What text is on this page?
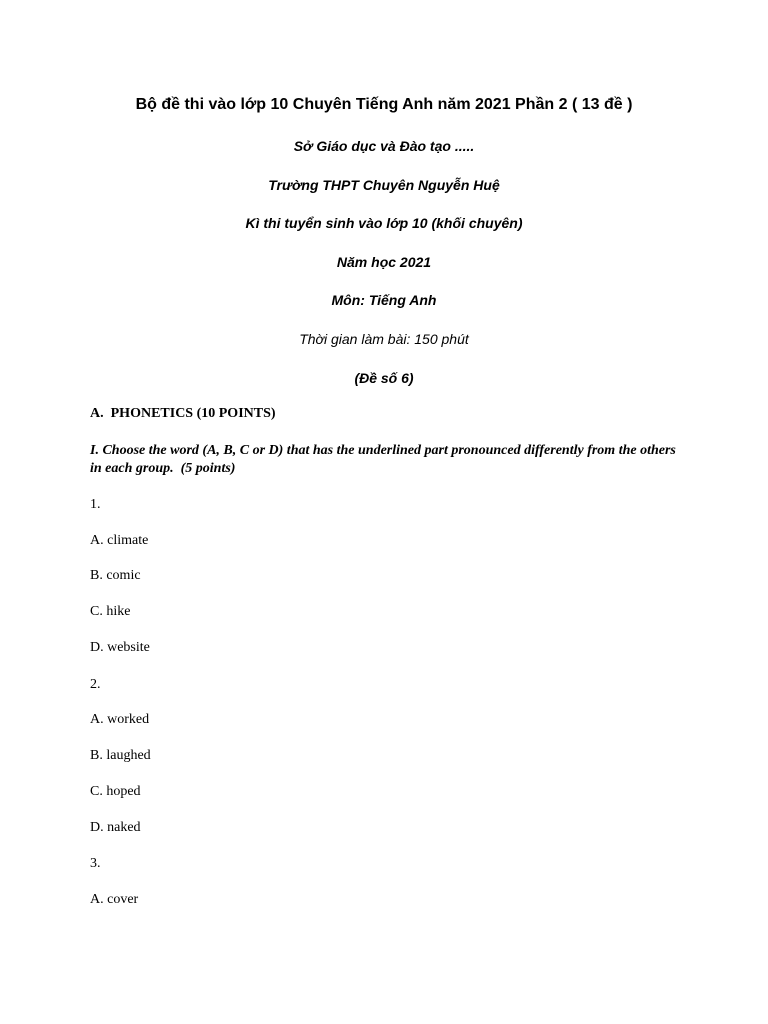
Bộ đề thi vào lớp 10 Chuyên Tiếng Anh năm 2021 Phần 2 ( 13 đề )
Sở Giáo dục và Đào tạo .....
Trường THPT Chuyên Nguyễn Huệ
Kì thi tuyển sinh vào lớp 10 (khối chuyên)
Năm học 2021
Môn: Tiếng Anh
Thời gian làm bài: 150 phút
(Đề số 6)
A. PHONETICS (10 POINTS)
I. Choose the word (A, B, C or D) that has the underlined part pronounced differently from the others in each group. (5 points)
1.
A. climate
B. comic
C. hike
D. website
2.
A. worked
B. laughed
C. hoped
D. naked
3.
A. cover
